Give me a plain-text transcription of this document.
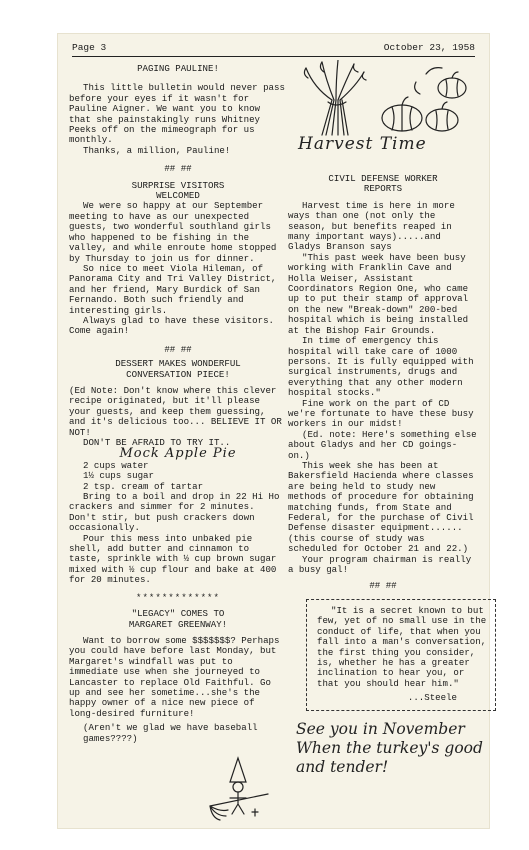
Page 3	October 23, 1958

PAGING PAULINE!

This little bulletin would never pass before your eyes if it wasn't for Pauline Aigner. We want you to know that she painstakingly runs Whitney Peeks off on the mimeograph for us monthly.

Thanks, a million, Pauline!

## ##

SURPRISE VISITORS

WELCOMED

We were so happy at our September meeting to have as our unexpected guests, two wonderful southland girls who happened to be fishing in the valley, and while enroute home stopped by Thursday to join us for dinner.

So nice to meet Viola Hileman, of Panorama City and Tri Valley District, and her friend, Mary Burdick of San Fernando. Both such friendly and interesting girls.

Always glad to have these visitors. Come again!

## ##

DESSERT MAKES WONDERFUL

CONVERSATION PIECE!

(Ed Note: Don't know where this clever recipe originated, but it'll please your guests, and keep them guessing, and it's delicious too... BELIEVE IT OR NOT!

DON'T BE AFRAID TO TRY IT..

Mock Apple Pie

2 cups water

1½ cups sugar

2 tsp. cream of tartar

Bring to a boil and drop in 22 Hi Ho crackers and simmer for 2 minutes. Don't stir, but push crackers down occasionally.

Pour this mess into unbaked pie shell, add butter and cinnamon to taste, sprinkle with ½ cup brown sugar mixed with ½ cup flour and bake at 400 for 20 minutes.

*************

"LEGACY" COMES TO

MARGARET GREENWAY!

Want to borrow some $$$$$$$? Perhaps you could have before last Monday, but Margaret's windfall was put to immediate use when she journeyed to Lancaster to replace Old Faithful. Go up and see her sometime...she's the happy owner of a nice new piece of long-desired furniture!

(Aren't we glad we have baseball games????)

Harvest Time

CIVIL DEFENSE WORKER

REPORTS

Harvest time is here in more ways than one (not only the season, but benefits reaped in many important ways).....and Gladys Branson says

"This past week have been busy working with Franklin Cave and Holla Weiser, Assistant Coordinators Region One, who came up to put their stamp of approval on the new "Break-down" 200-bed hospital which is being installed at the Bishop Fair Grounds.

In time of emergency this hospital will take care of 1000 persons. It is fully equipped with surgical instruments, drugs and everything that any other modern hospital stocks."

Fine work on the part of CD we're fortunate to have these busy workers in our midst!

(Ed. note: Here's something else about Gladys and her CD goings-on.)

This week she has been at Bakersfield Hacienda where classes are being held to study new methods of procedure for obtaining matching funds, from State and Federal, for the purchase of Civil Defense disaster equipment......(this course of study was scheduled for October 21 and 22.)

Your program chairman is really a busy gal!

## ##

"It is a secret known to but few, yet of no small use in the conduct of life, that when you fall into a man's conversation, the first thing you consider, is, whether he has a greater inclination to hear you, or that you should hear him."

...Steele

See you in November When the turkey's good and tender!
